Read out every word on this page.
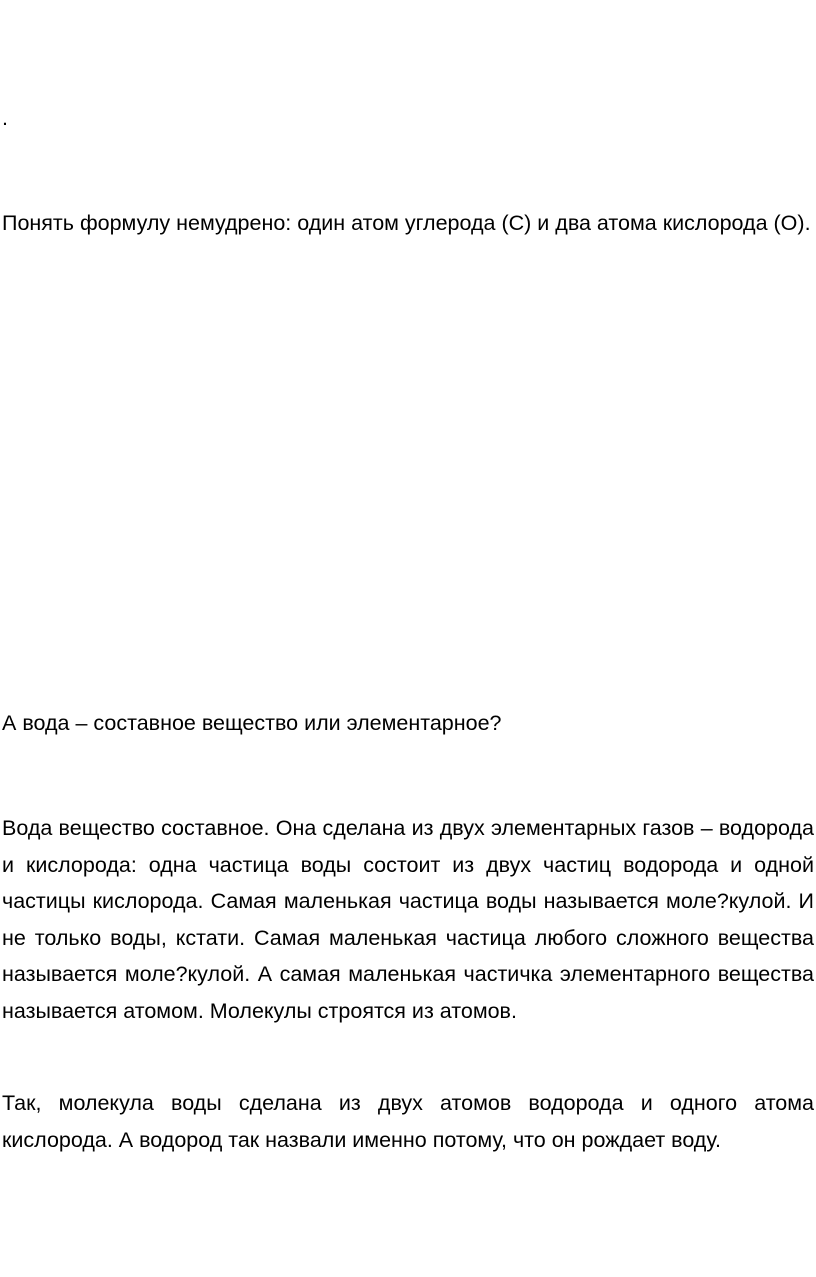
.
Понять формулу немудрено: один атом углерода (С) и два атома кислорода (О).
А вода – составное вещество или элементарное?
Вода вещество составное. Она сделана из двух элементарных газов – водорода и кислорода: одна частица воды состоит из двух частиц водорода и одной частицы кислорода. Самая маленькая частица воды называется моле?кулой. И не только воды, кстати. Самая маленькая частица любого сложного вещества называется моле?кулой. А самая маленькая частичка элементарного вещества называется атомом. Молекулы строятся из атомов.
Так, молекула воды сделана из двух атомов водорода и одного атома кислорода. А водород так назвали именно потому, что он рождает воду.
